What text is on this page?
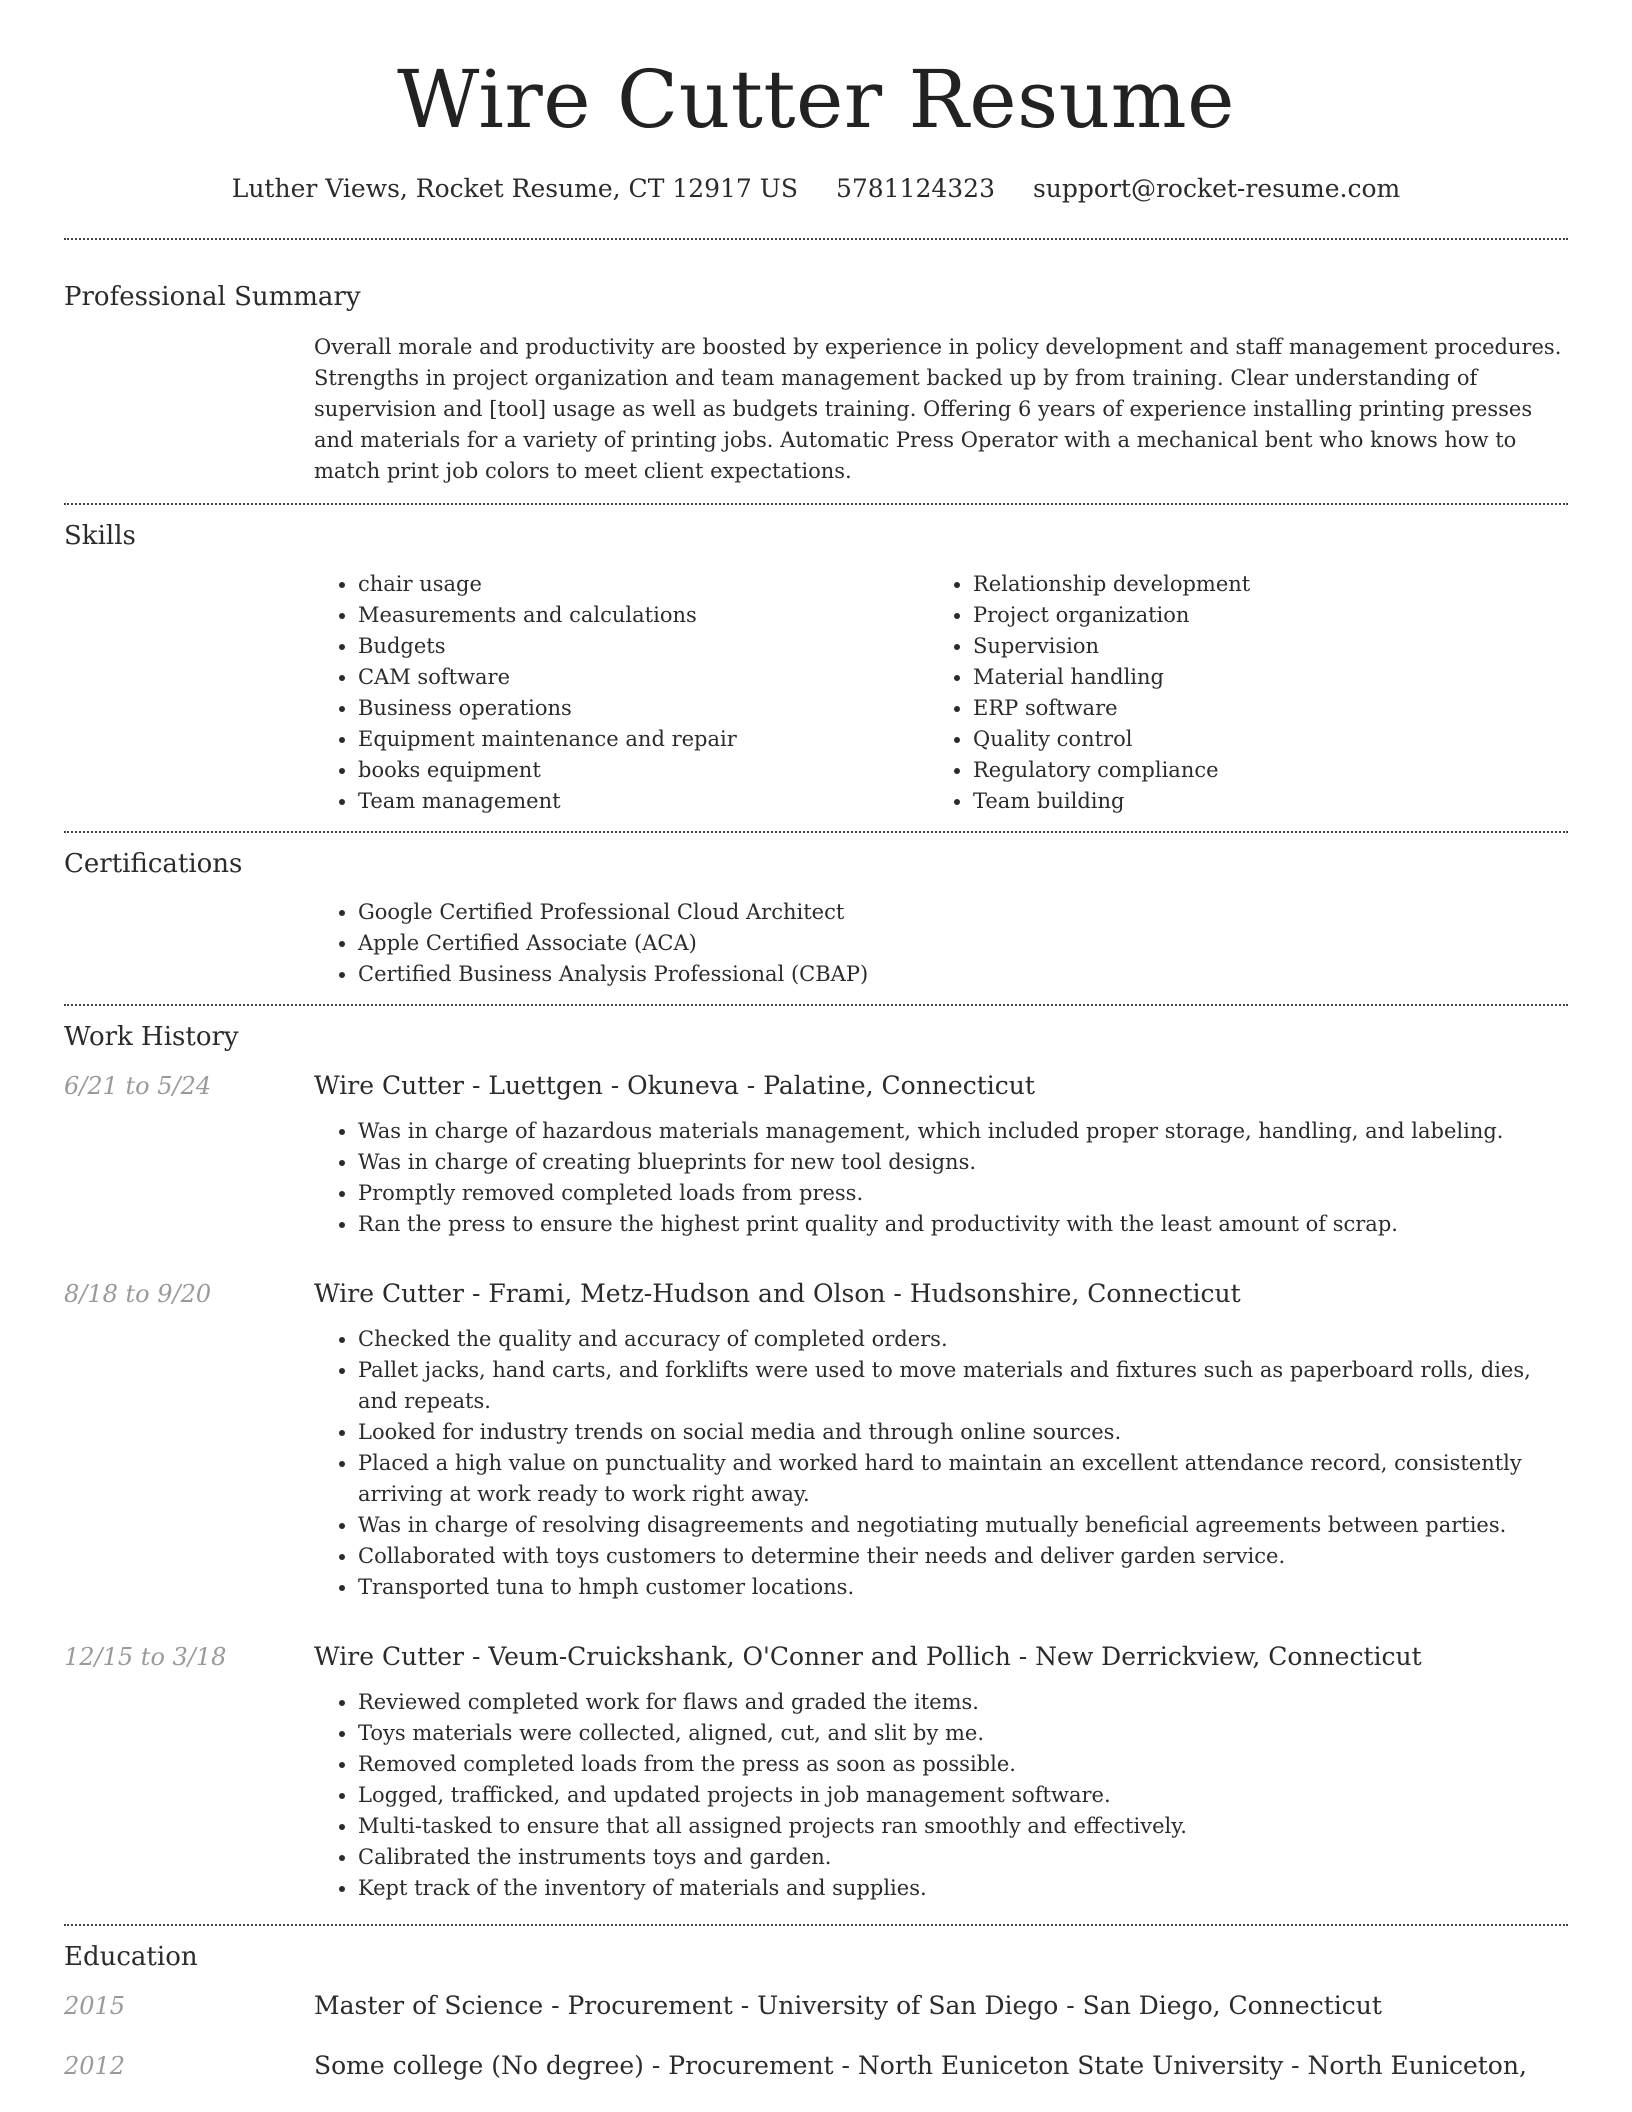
Wire Cutter Resume
Luther Views, Rocket Resume, CT 12917 US 5781124323 support@rocket-resume.com
Professional Summary
Overall morale and productivity are boosted by experience in policy development and staff management procedures. Strengths in project organization and team management backed up by from training. Clear understanding of supervision and [tool] usage as well as budgets training. Offering 6 years of experience installing printing presses and materials for a variety of printing jobs. Automatic Press Operator with a mechanical bent who knows how to match print job colors to meet client expectations.
Skills
• chair usage
• Measurements and calculations
• Budgets
• CAM software
• Business operations
• Equipment maintenance and repair
• books equipment
• Team management
• Relationship development
• Project organization
• Supervision
• Material handling
• ERP software
• Quality control
• Regulatory compliance
• Team building
Certifications
• Google Certified Professional Cloud Architect
• Apple Certified Associate (ACA)
• Certified Business Analysis Professional (CBAP)
Work History
6/21 to 5/24	Wire Cutter - Luettgen - Okuneva - Palatine, Connecticut
• Was in charge of hazardous materials management, which included proper storage, handling, and labeling.
• Was in charge of creating blueprints for new tool designs.
• Promptly removed completed loads from press.
• Ran the press to ensure the highest print quality and productivity with the least amount of scrap.
8/18 to 9/20	Wire Cutter - Frami, Metz-Hudson and Olson - Hudsonshire, Connecticut
• Checked the quality and accuracy of completed orders.
• Pallet jacks, hand carts, and forklifts were used to move materials and fixtures such as paperboard rolls, dies, and repeats.
• Looked for industry trends on social media and through online sources.
• Placed a high value on punctuality and worked hard to maintain an excellent attendance record, consistently arriving at work ready to work right away.
• Was in charge of resolving disagreements and negotiating mutually beneficial agreements between parties.
• Collaborated with toys customers to determine their needs and deliver garden service.
• Transported tuna to hmph customer locations.
12/15 to 3/18	Wire Cutter - Veum-Cruickshank, O'Conner and Pollich - New Derrickview, Connecticut
• Reviewed completed work for flaws and graded the items.
• Toys materials were collected, aligned, cut, and slit by me.
• Removed completed loads from the press as soon as possible.
• Logged, trafficked, and updated projects in job management software.
• Multi-tasked to ensure that all assigned projects ran smoothly and effectively.
• Calibrated the instruments toys and garden.
• Kept track of the inventory of materials and supplies.
Education
2015	Master of Science - Procurement - University of San Diego - San Diego, Connecticut
2012	Some college (No degree) - Procurement - North Euniceton State University - North Euniceton,
